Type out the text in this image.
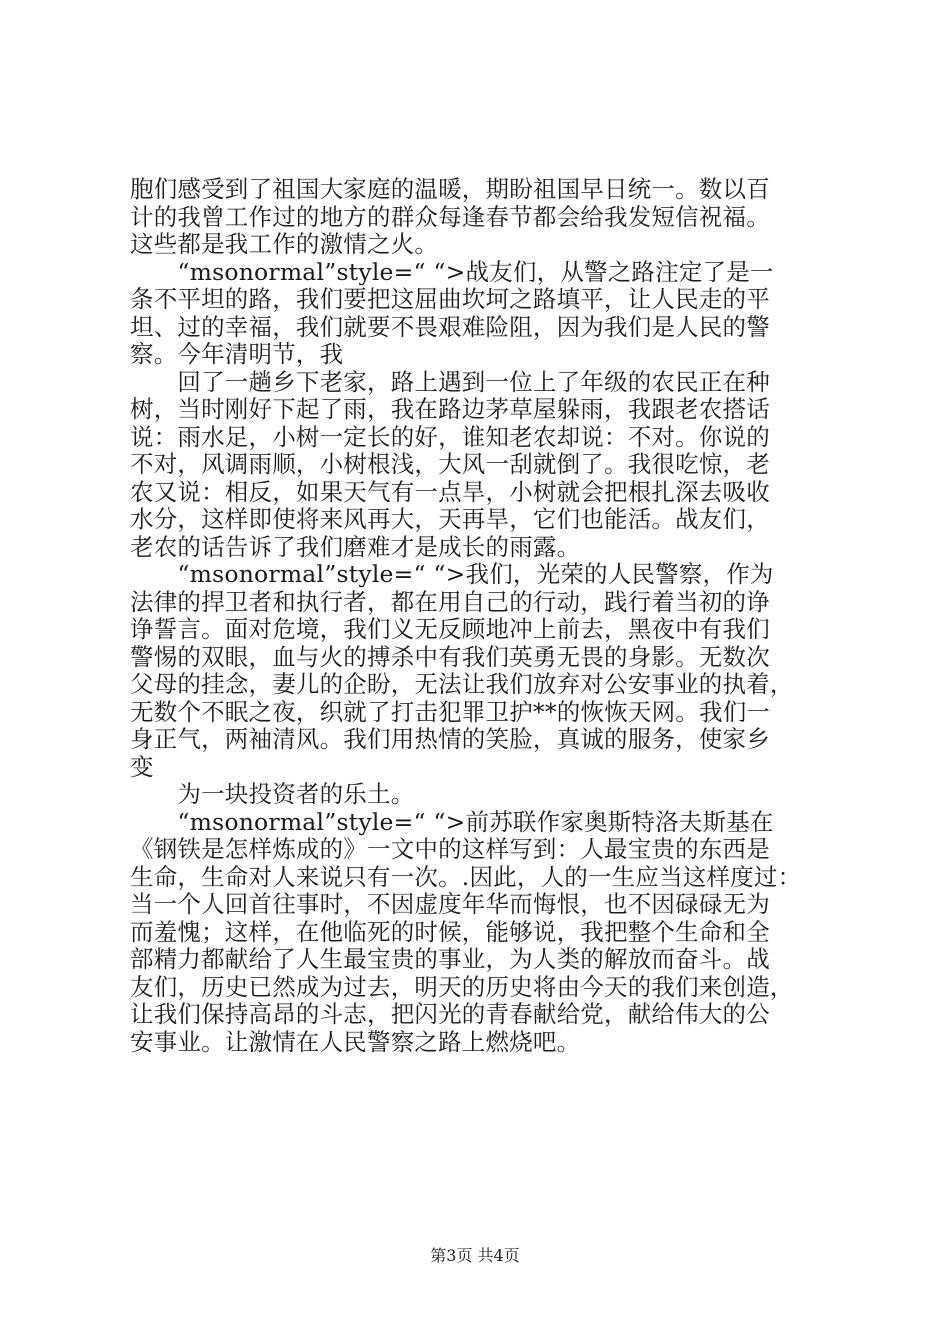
胞们感受到了祖国大家庭的温暖，期盼祖国早日统一。数以百
计的我曾工作过的地方的群众每逢春节都会给我发短信祝福。
这些都是我工作的激情之火。
　　“msonormal”style=“ “>战友们，从警之路注定了是一
条不平坦的路，我们要把这屈曲坎坷之路填平，让人民走的平
坦、过的幸福，我们就要不畏艰难险阻，因为我们是人民的警
察。今年清明节，我
　　回了一趟乡下老家，路上遇到一位上了年级的农民正在种
树，当时刚好下起了雨，我在路边茅草屋躲雨，我跟老农搭话
说：雨水足，小树一定长的好，谁知老农却说：不对。你说的
不对，风调雨顺，小树根浅，大风一刮就倒了。我很吃惊，老
农又说：相反，如果天气有一点旱，小树就会把根扎深去吸收
水分，这样即使将来风再大，天再旱，它们也能活。战友们，
老农的话告诉了我们磨难才是成长的雨露。
　　“msonormal”style=“ “>我们，光荣的人民警察，作为
法律的捍卫者和执行者，都在用自己的行动，践行着当初的诤
诤誓言。面对危境，我们义无反顾地冲上前去，黑夜中有我们
警惕的双眼，血与火的搏杀中有我们英勇无畏的身影。无数次
父母的挂念，妻儿的企盼，无法让我们放弃对公安事业的执着，
无数个不眠之夜，织就了打击犯罪卫护**的恢恢天网。我们一
身正气，两袖清风。我们用热情的笑脸，真诚的服务，使家乡
变
　　为一块投资者的乐土。
　　“msonormal”style=“ “>前苏联作家奥斯特洛夫斯基在
《钢铁是怎样炼成的》一文中的这样写到：人最宝贵的东西是
生命，生命对人来说只有一次。.因此，人的一生应当这样度过：
当一个人回首往事时，不因虚度年华而悔恨，也不因碌碌无为
而羞愧；这样，在他临死的时候，能够说，我把整个生命和全
部精力都献给了人生最宝贵的事业，为人类的解放而奋斗。战
友们，历史已然成为过去，明天的历史将由今天的我们来创造，
让我们保持高昂的斗志，把闪光的青春献给党，献给伟大的公
安事业。让激情在人民警察之路上燃烧吧。
第3页 共4页
